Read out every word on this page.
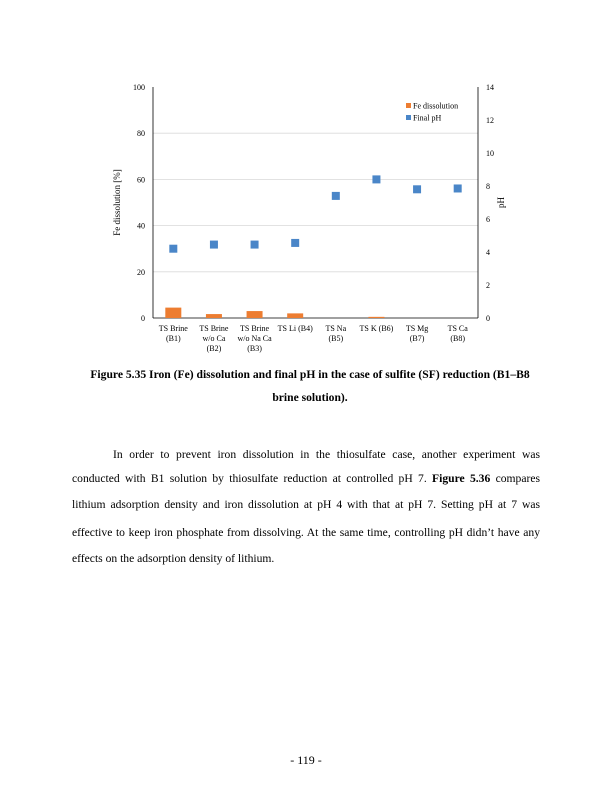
0
20
40
60
80
100
0
2
4
6
8
10
12
14
Fe dissolution [%]	pH
TS Brine
(B1)
TS Brine
w/o Ca
(B2)
TS Brine
w/o Na Ca
(B3)
TS Li (B4) TS Na
(B5)
TS K (B6) TS Mg
(B7)
TS Ca
(B8)
Fe dissolution
Final pH
Figure 5.35 Iron (Fe) dissolution and final pH in the case of sulfite (SF) reduction (B1–B8
brine solution).
In order to prevent iron dissolution in the thiosulfate case, another experiment was
conducted with B1 solution by thiosulfate reduction at controlled pH 7. Figure 5.36 compares
lithium adsorption density and iron dissolution at pH 4 with that at pH 7. Setting pH at 7 was
effective to keep iron phosphate from dissolving. At the same time, controlling pH didn’t have any
effects on the adsorption density of lithium.
- 119 -
